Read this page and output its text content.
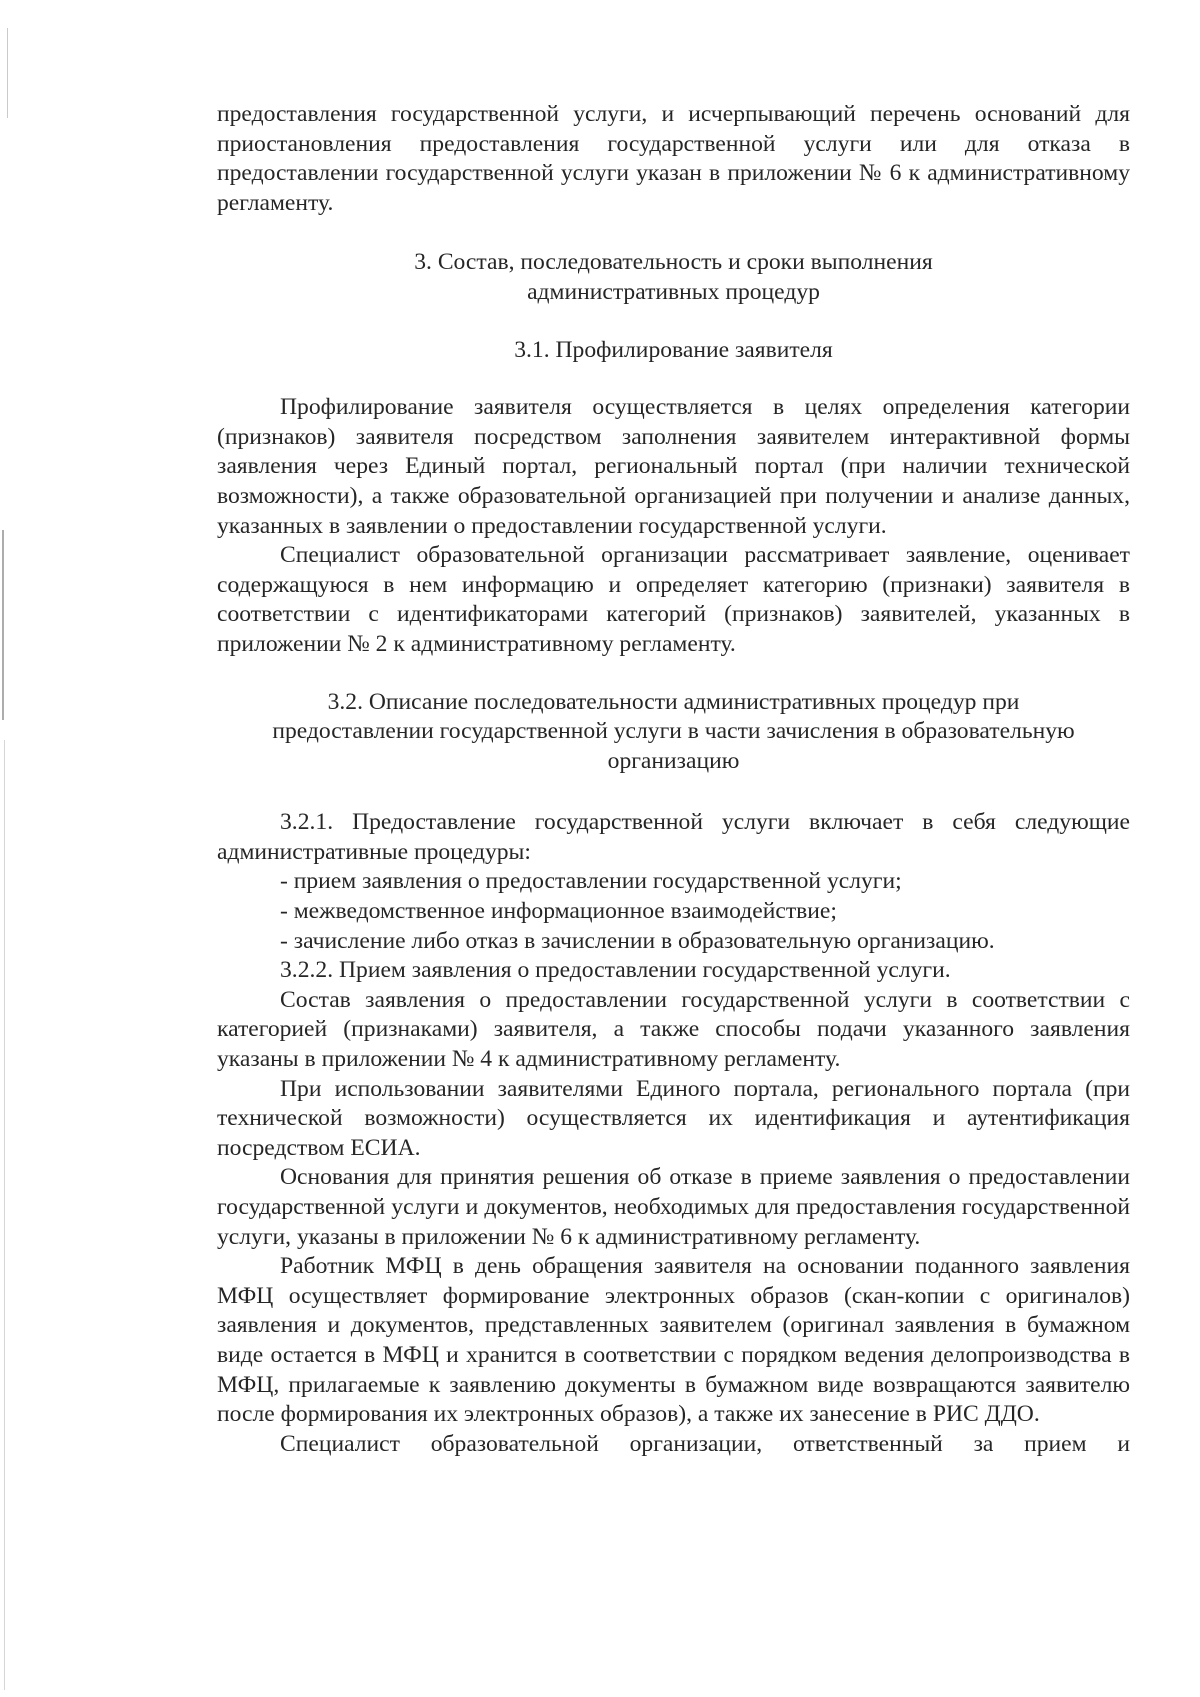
предоставления государственной услуги, и исчерпывающий перечень оснований для приостановления предоставления государственной услуги или для отказа в предоставлении государственной услуги указан в приложении № 6 к административному регламенту.

3. Состав, последовательность и сроки выполнения

административных процедур

3.1. Профилирование заявителя

Профилирование заявителя осуществляется в целях определения категории (признаков) заявителя посредством заполнения заявителем интерактивной формы заявления через Единый портал, региональный портал (при наличии технической возможности), а также образовательной организацией при получении и анализе данных, указанных в заявлении о предоставлении государственной услуги.

Специалист образовательной организации рассматривает заявление, оценивает содержащуюся в нем информацию и определяет категорию (признаки) заявителя в соответствии с идентификаторами категорий (признаков) заявителей, указанных в приложении № 2 к административному регламенту.

3.2. Описание последовательности административных процедур при

предоставлении государственной услуги в части зачисления в образовательную

организацию

3.2.1. Предоставление государственной услуги включает в себя следующие административные процедуры:

- прием заявления о предоставлении государственной услуги;

- межведомственное информационное взаимодействие;

- зачисление либо отказ в зачислении в образовательную организацию.

3.2.2. Прием заявления о предоставлении государственной услуги.

Состав заявления о предоставлении государственной услуги в соответствии с категорией (признаками) заявителя, а также способы подачи указанного заявления указаны в приложении № 4 к административному регламенту.

При использовании заявителями Единого портала, регионального портала (при технической возможности) осуществляется их идентификация и аутентификация посредством ЕСИА.

Основания для принятия решения об отказе в приеме заявления о предоставлении государственной услуги и документов, необходимых для предоставления государственной услуги, указаны в приложении № 6 к административному регламенту.

Работник МФЦ в день обращения заявителя на основании поданного заявления МФЦ осуществляет формирование электронных образов (скан-копии с оригиналов) заявления и документов, представленных заявителем (оригинал заявления в бумажном виде остается в МФЦ и хранится в соответствии с порядком ведения делопроизводства в МФЦ, прилагаемые к заявлению документы в бумажном виде возвращаются заявителю после формирования их электронных образов), а также их занесение в РИС ДДО.

Специалист образовательной организации, ответственный за прием и
